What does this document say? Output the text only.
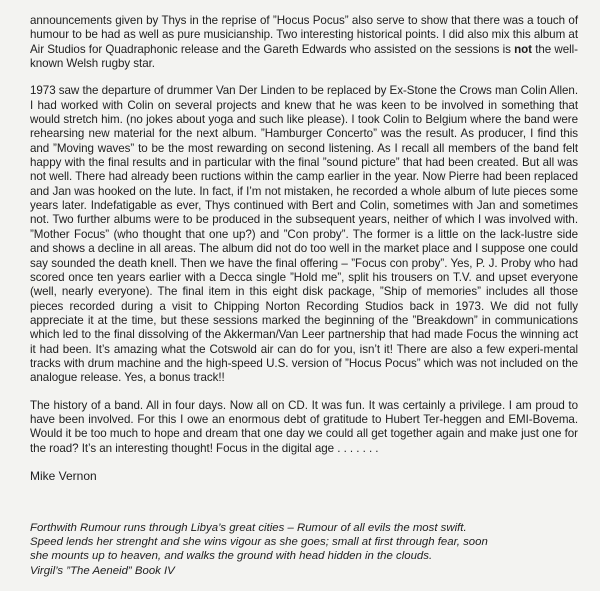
announcements given by Thys in the reprise of ”Hocus Pocus” also serve to show that there was a touch of humour to be had as well as pure musicianship. Two interesting historical points. I did also mix this album at Air Studios for Quadraphonic release and the Gareth Edwards who assisted on the sessions is not the well-known Welsh rugby star.

1973 saw the departure of drummer Van Der Linden to be replaced by Ex-Stone the Crows man Colin Allen. I had worked with Colin on several projects and knew that he was keen to be involved in something that would stretch him. (no jokes about yoga and such like please). I took Colin to Belgium where the band were rehearsing new material for the next album. ”Hamburger Concerto” was the result. As producer, I find this and ”Moving waves” to be the most rewarding on second listening. As I recall all members of the band felt happy with the final results and in particular with the final ”sound picture” that had been created. But all was not well. There had already been ructions within the camp earlier in the year. Now Pierre had been replaced and Jan was hooked on the lute. In fact, if I’m not mistaken, he recorded a whole album of lute pieces some years later. Indefatigable as ever, Thys continued with Bert and Colin, sometimes with Jan and sometimes not. Two further albums were to be produced in the subsequent years, neither of which I was involved with. ”Mother Focus” (who thought that one up?) and ”Con proby”. The former is a little on the lack-lustre side and shows a decline in all areas. The album did not do too well in the market place and I suppose one could say sounded the death knell. Then we have the final offering – ”Focus con proby”. Yes, P. J. Proby who had scored once ten years earlier with a Decca single ”Hold me”, split his trousers on T.V. and upset everyone (well, nearly everyone). The final item in this eight disk package, ”Ship of memories” includes all those pieces recorded during a visit to Chipping Norton Recording Studios back in 1973. We did not fully appreciate it at the time, but these sessions marked the beginning of the ”Breakdown” in communications which led to the final dissolving of the Akkerman/Van Leer partnership that had made Focus the winning act it had been. It’s amazing what the Cotswold air can do for you, isn’t it! There are also a few experi-mental tracks with drum machine and the high-speed U.S. version of ”Hocus Pocus” which was not included on the analogue release. Yes, a bonus track!!

The history of a band. All in four days. Now all on CD. It was fun. It was certainly a privilege. I am proud to have been involved. For this I owe an enormous debt of gratitude to Hubert Ter-heggen and EMI-Bovema. Would it be too much to hope and dream that one day we could all get together again and make just one for the road? It’s an interesting thought! Focus in the digital age . . . . . . .

Mike Vernon

Forthwith Rumour runs through Libya’s great cities – Rumour of all evils the most swift.
Speed lends her strenght and she wins vigour as she goes; small at first through fear, soon
she mounts up to heaven, and walks the ground with head hidden in the clouds.
Virgil’s ”The Aeneid” Book IV
